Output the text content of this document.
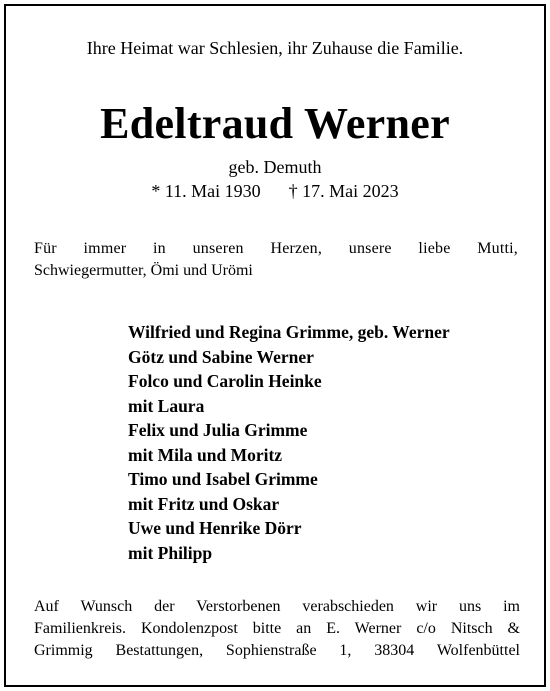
Ihre Heimat war Schlesien, ihr Zuhause die Familie.
Edeltraud Werner
geb. Demuth
* 11. Mai 1930 † 17. Mai 2023
Für immer in unseren Herzen, unsere liebe Mutti,
Schwiegermutter, Ömi und Urömi
Wilfried und Regina Grimme, geb. Werner
Götz und Sabine Werner
Folco und Carolin Heinke
mit Laura
Felix und Julia Grimme
mit Mila und Moritz
Timo und Isabel Grimme
mit Fritz und Oskar
Uwe und Henrike Dörr
mit Philipp
Auf Wunsch der Verstorbenen verabschieden wir uns im
Familienkreis. Kondolenzpost bitte an E. Werner c/o Nitsch &
Grimmig Bestattungen, Sophienstraße 1, 38304 Wolfenbüttel
